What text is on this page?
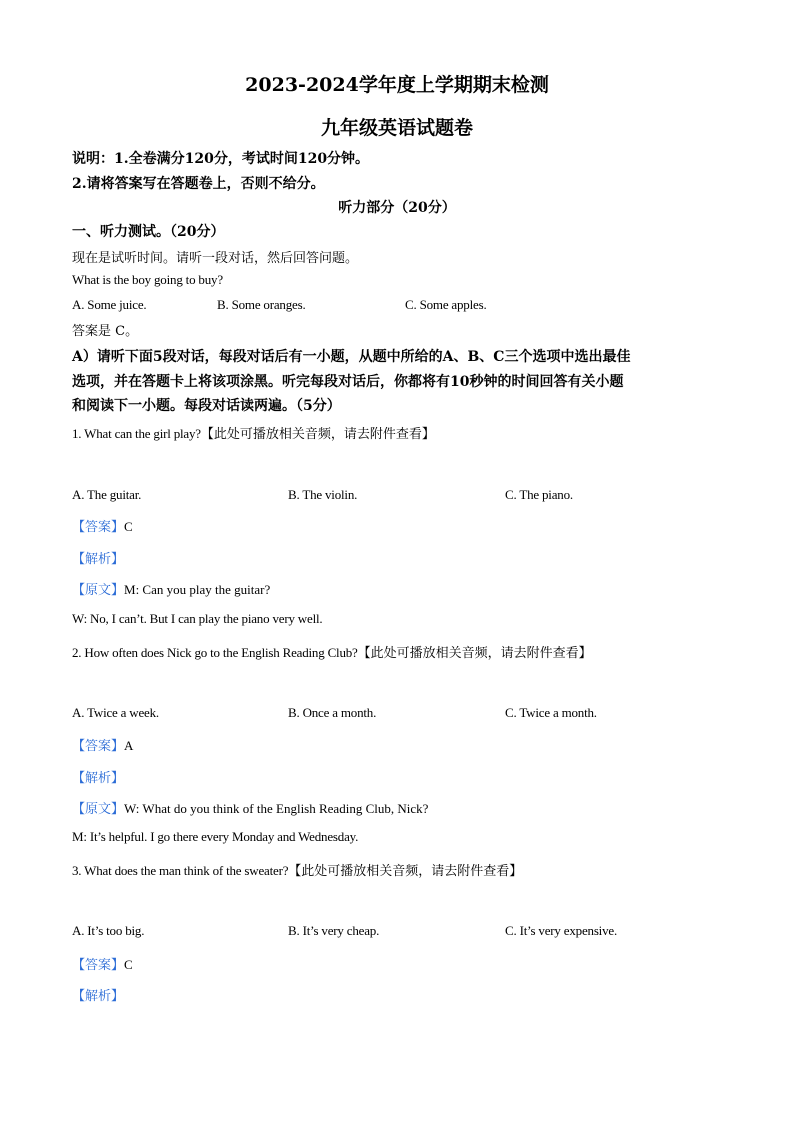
2023-2024学年度上学期期末检测
九年级英语试题卷
说明：1.全卷满分120分，考试时间120分钟。
2.请将答案写在答题卷上，否则不给分。
听力部分（20分）
一、听力测试。（20分）
现在是试听时间。请听一段对话，然后回答问题。
What is the boy going to buy?
A. Some juice.	B. Some oranges.	C. Some apples.
答案是 C。
A）请听下面5段对话，每段对话后有一小题，从题中所给的A、B、C三个选项中选出最佳
选项，并在答题卡上将该项涂黑。听完每段对话后，你都将有10秒钟的时间回答有关小题
和阅读下一小题。每段对话读两遍。（5分）
1. What can the girl play?【此处可播放相关音频，请去附件查看】
A. The guitar.	B. The violin.	C. The piano.
【答案】C
【解析】
【原文】M: Can you play the guitar?
W: No, I can’t. But I can play the piano very well.
2. How often does Nick go to the English Reading Club?【此处可播放相关音频，请去附件查看】
A. Twice a week.	B. Once a month.	C. Twice a month.
【答案】A
【解析】
【原文】W: What do you think of the English Reading Club, Nick?
M: It’s helpful. I go there every Monday and Wednesday.
3. What does the man think of the sweater?【此处可播放相关音频，请去附件查看】
A. It’s too big.	B. It’s very cheap.	C. It’s very expensive.
【答案】C
【解析】
